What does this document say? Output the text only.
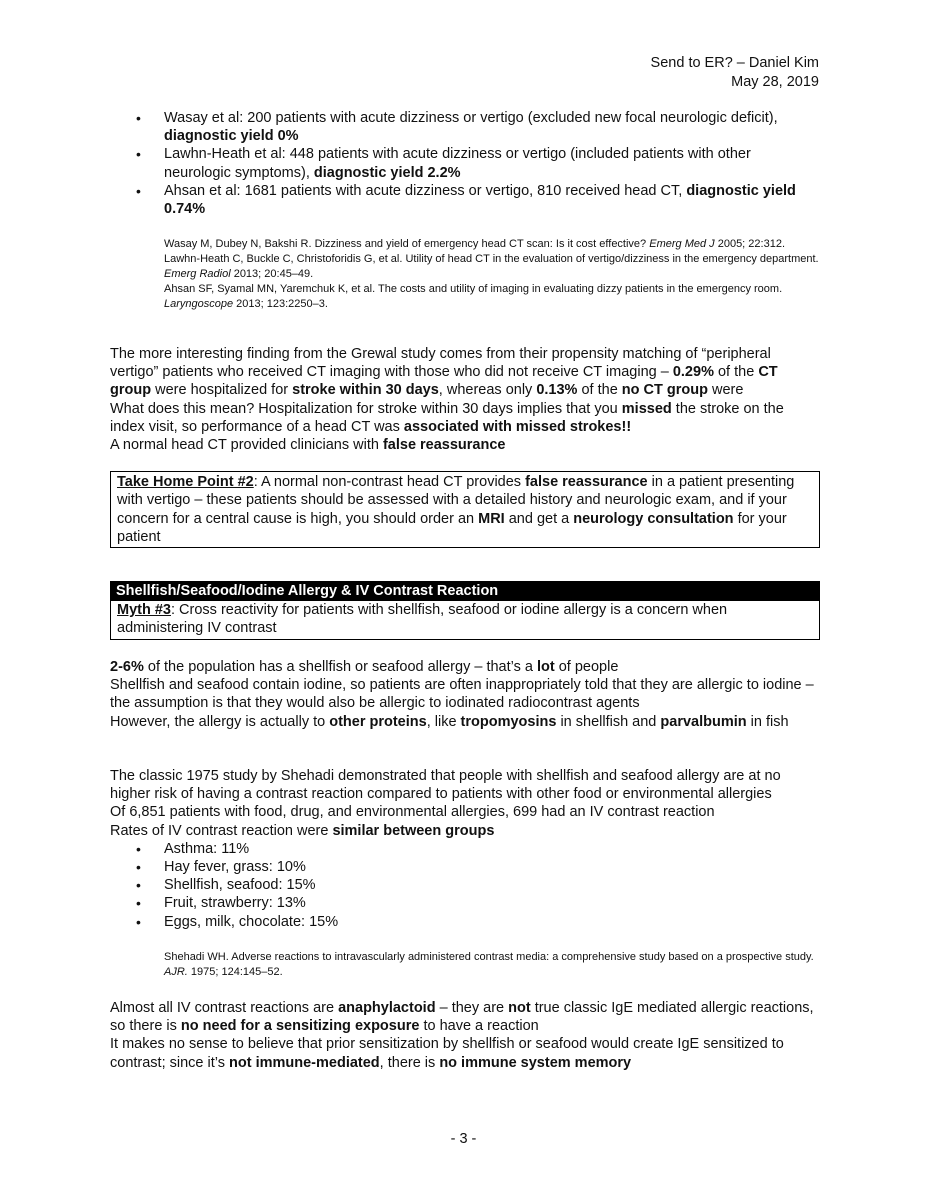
Send to ER? – Daniel Kim
May 28, 2019
• Wasay et al: 200 patients with acute dizziness or vertigo (excluded new focal neurologic deficit), diagnostic yield 0%
• Lawhn-Heath et al: 448 patients with acute dizziness or vertigo (included patients with other neurologic symptoms), diagnostic yield 2.2%
• Ahsan et al: 1681 patients with acute dizziness or vertigo, 810 received head CT, diagnostic yield 0.74%

Wasay M, Dubey N, Bakshi R. Dizziness and yield of emergency head CT scan: Is it cost effective? Emerg Med J 2005; 22:312.

Lawhn-Heath C, Buckle C, Christoforidis G, et al. Utility of head CT in the evaluation of vertigo/dizziness in the emergency department. Emerg Radiol 2013; 20:45–49.

Ahsan SF, Syamal MN, Yaremchuk K, et al. The costs and utility of imaging in evaluating dizzy patients in the emergency room. Laryngoscope 2013; 123:2250–3.

The more interesting finding from the Grewal study comes from their propensity matching of “peripheral vertigo” patients who received CT imaging with those who did not receive CT imaging – 0.29% of the CT group were hospitalized for stroke within 30 days, whereas only 0.13% of the no CT group were

What does this mean? Hospitalization for stroke within 30 days implies that you missed the stroke on the index visit, so performance of a head CT was associated with missed strokes!!

A normal head CT provided clinicians with false reassurance

Take Home Point #2: A normal non-contrast head CT provides false reassurance in a patient presenting with vertigo – these patients should be assessed with a detailed history and neurologic exam, and if your concern for a central cause is high, you should order an MRI and get a neurology consultation for your patient
Shellfish/Seafood/Iodine Allergy & IV Contrast Reaction
Myth #3: Cross reactivity for patients with shellfish, seafood or iodine allergy is a concern when administering IV contrast

2-6% of the population has a shellfish or seafood allergy – that’s a lot of people

Shellfish and seafood contain iodine, so patients are often inappropriately told that they are allergic to iodine – the assumption is that they would also be allergic to iodinated radiocontrast agents

However, the allergy is actually to other proteins, like tropomyosins in shellfish and parvalbumin in fish

The classic 1975 study by Shehadi demonstrated that people with shellfish and seafood allergy are at no higher risk of having a contrast reaction compared to patients with other food or environmental allergies

Of 6,851 patients with food, drug, and environmental allergies, 699 had an IV contrast reaction

Rates of IV contrast reaction were similar between groups

• Asthma: 11%
• Hay fever, grass: 10%
• Shellfish, seafood: 15%
• Fruit, strawberry: 13%
• Eggs, milk, chocolate: 15%

Shehadi WH. Adverse reactions to intravascularly administered contrast media: a comprehensive study based on a prospective study. AJR. 1975; 124:145–52.

Almost all IV contrast reactions are anaphylactoid – they are not true classic IgE mediated allergic reactions, so there is no need for a sensitizing exposure to have a reaction

It makes no sense to believe that prior sensitization by shellfish or seafood would create IgE sensitized to contrast; since it’s not immune-mediated, there is no immune system memory

- 3 -
